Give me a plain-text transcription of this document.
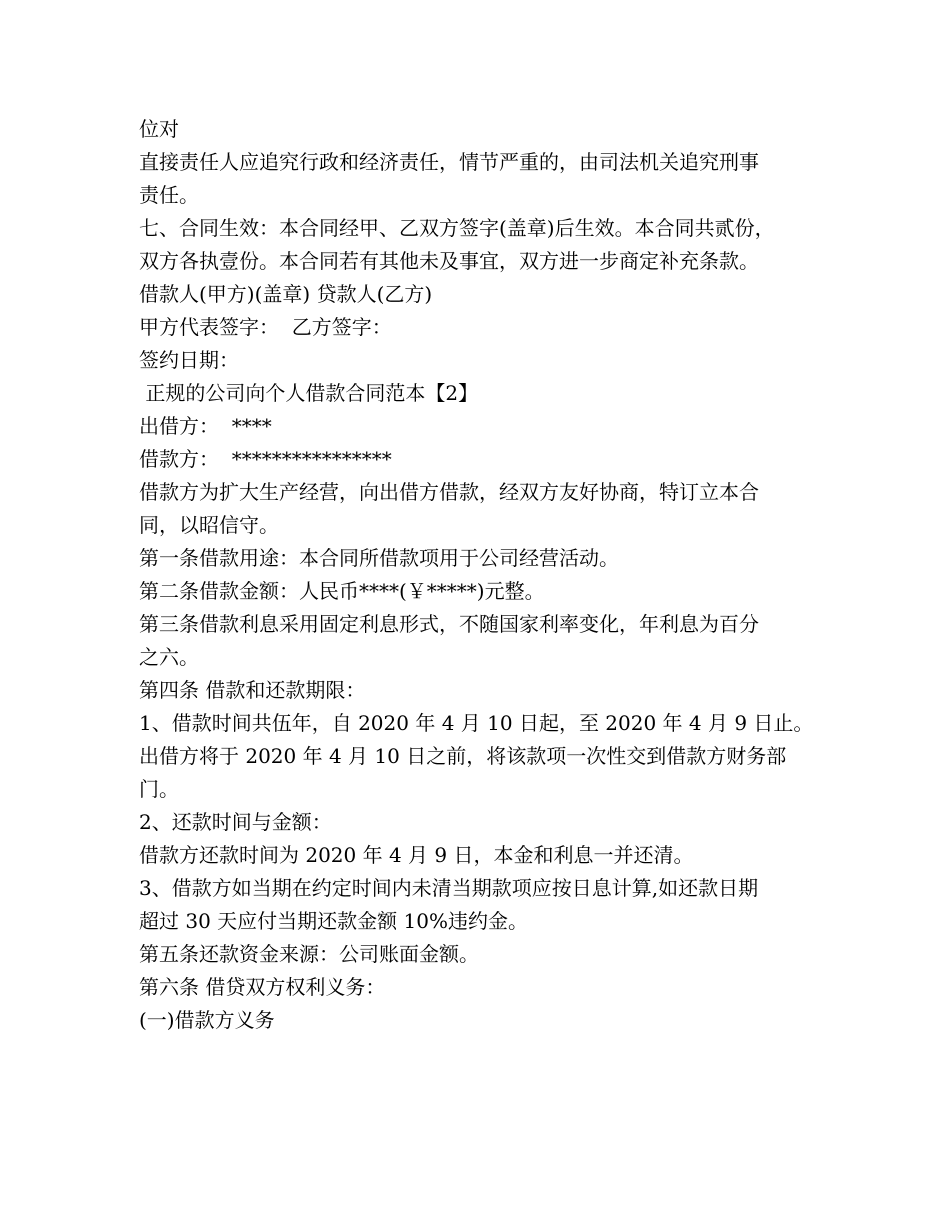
位对
直接责任人应追究行政和经济责任，情节严重的，由司法机关追究刑事
责任。
七、合同生效：本合同经甲、乙双方签字(盖章)后生效。本合同共贰份，
双方各执壹份。本合同若有其他未及事宜，双方进一步商定补充条款。
借款人(甲方)(盖章) 贷款人(乙方)
甲方代表签字：  乙方签字：
签约日期：
正规的公司向个人借款合同范本【2】
出借方：  ****
借款方：  ****************
借款方为扩大生产经营，向出借方借款，经双方友好协商，特订立本合
同，以昭信守。
第一条借款用途：本合同所借款项用于公司经营活动。
第二条借款金额：人民币****(￥*****)元整。
第三条借款利息采用固定利息形式，不随国家利率变化，年利息为百分
之六。
第四条 借款和还款期限：
1、借款时间共伍年，自 2020 年 4 月 10 日起，至 2020 年 4 月 9 日止。
出借方将于 2020 年 4 月 10 日之前，将该款项一次性交到借款方财务部
门。
2、还款时间与金额：
借款方还款时间为 2020 年 4 月 9 日，本金和利息一并还清。
3、借款方如当期在约定时间内未清当期款项应按日息计算,如还款日期
超过 30 天应付当期还款金额 10%违约金。
第五条还款资金来源：公司账面金额。
第六条 借贷双方权利义务：
(一)借款方义务
